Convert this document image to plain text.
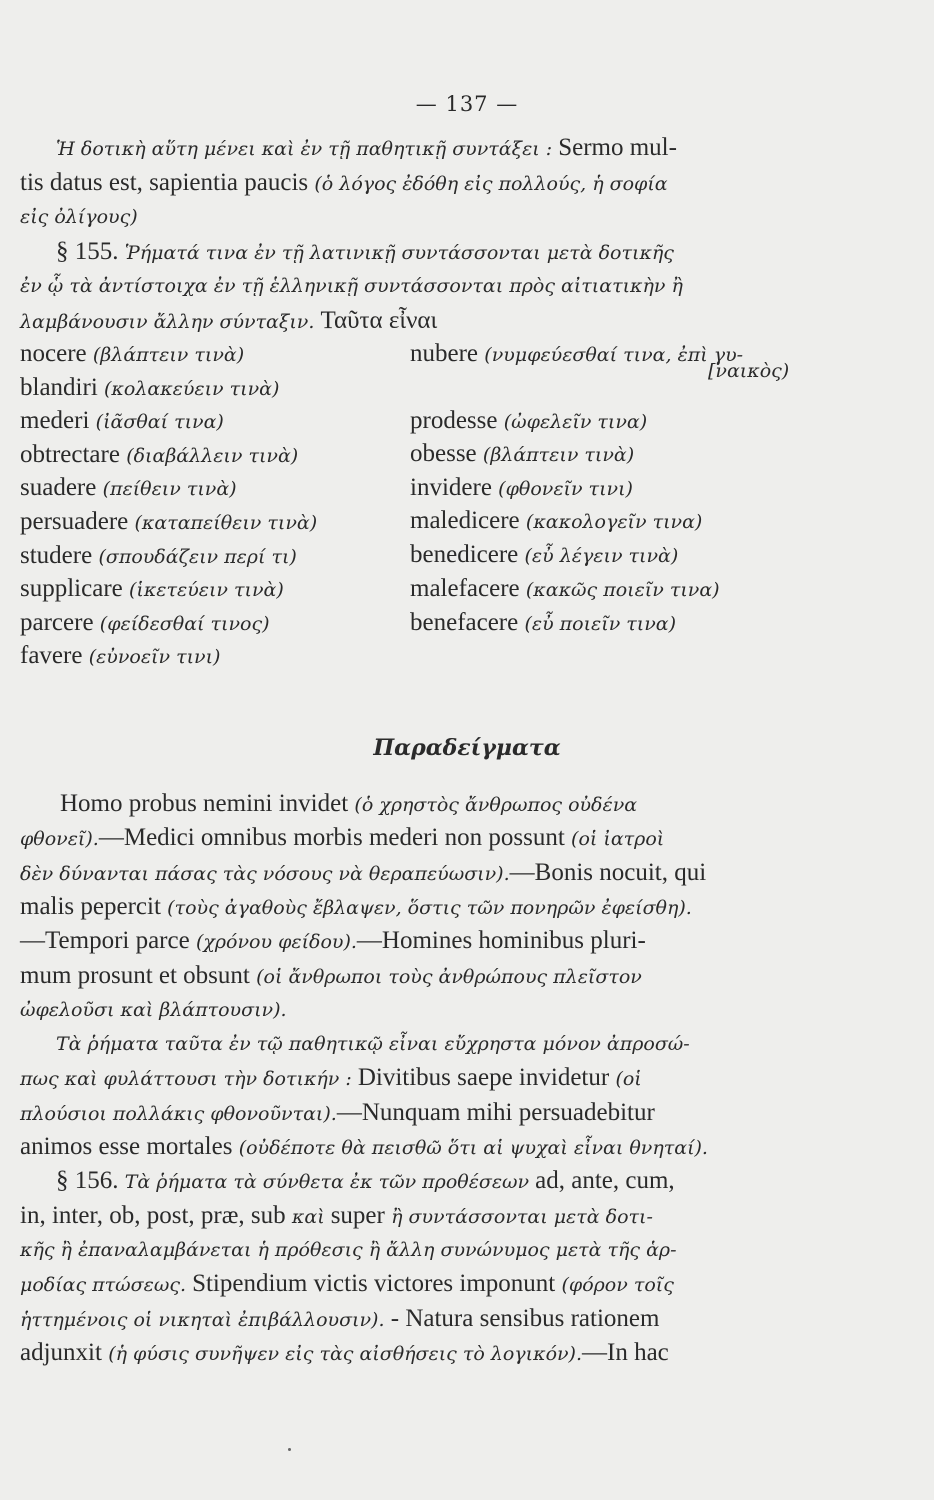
— 137 —
Ἡ δοτικὴ αὕτη μένει καὶ ἐν τῇ παθητικῇ συντάξει : Sermo mul-
tis datus est, sapientia paucis (ὁ λόγος ἐδόθη εἰς πολλούς, ἡ σοφία
εἰς ὀλίγους)
§ 155. Ῥήματά τινα ἐν τῇ λατινικῇ συντάσσονται μετὰ δοτικῆς
ἐν ᾧ τὰ ἀντίστοιχα ἐν τῇ ἑλληνικῇ συντάσσονται πρὸς αἰτιατικὴν ἢ
λαμβάνουσιν ἄλλην σύνταξιν. Ταῦτα εἶναι
nocere (βλάπτειν τινὰ)
blandiri (κολακεύειν τινὰ)
mederi (ἰᾶσθαί τινα)
obtrectare (διαβάλλειν τινὰ)
suadere (πείθειν τινὰ)
persuadere (καταπείθειν τινὰ)
studere (σπουδάζειν περί τι)
supplicare (ἱκετεύειν τινὰ)
parcere (φείδεσθαί τινος)
favere (εὐνοεῖν τινι)
nubere (νυμφεύεσθαί τινα, ἐπὶ γυ-
[ναικὸς)
prodesse (ὠφελεῖν τινα)
obesse (βλάπτειν τινὰ)
invidere (φθονεῖν τινι)
maledicere (κακολογεῖν τινα)
benedicere (εὖ λέγειν τινὰ)
malefacere (κακῶς ποιεῖν τινα)
benefacere (εὖ ποιεῖν τινα)
Παραδείγματα
Homo probus nemini invidet (ὁ χρηστὸς ἄνθρωπος οὐδένα
φθονεῖ).—Medici omnibus morbis mederi non possunt (οἱ ἰατροὶ
δὲν δύνανται πάσας τὰς νόσους νὰ θεραπεύωσιν).—Bonis nocuit, qui
malis pepercit (τοὺς ἀγαθοὺς ἔβλαψεν, ὅστις τῶν πονηρῶν ἐφείσθη).
—Tempori parce (χρόνου φείδου).—Homines hominibus pluri-
mum prosunt et obsunt (οἱ ἄνθρωποι τοὺς ἀνθρώπους πλεῖστον
ὠφελοῦσι καὶ βλάπτουσιν).
Τὰ ῥήματα ταῦτα ἐν τῷ παθητικῷ εἶναι εὔχρηστα μόνον ἀπροσώ-
πως καὶ φυλάττουσι τὴν δοτικήν : Divitibus saepe invidetur (οἱ
πλούσιοι πολλάκις φθονοῦνται).—Nunquam mihi persuadebitur
animos esse mortales (οὐδέποτε θὰ πεισθῶ ὅτι αἱ ψυχαὶ εἶναι θνηταί).
§ 156. Τὰ ῥήματα τὰ σύνθετα ἐκ τῶν προθέσεων ad, ante, cum,
in, inter, ob, post, præ, sub καὶ super ἢ συντάσσονται μετὰ δοτι-
κῆς ἢ ἐπαναλαμβάνεται ἡ πρόθεσις ἢ ἄλλη συνώνυμος μετὰ τῆς ἁρ-
μοδίας πτώσεως. Stipendium victis victores imponunt (φόρον τοῖς
ἡττημένοις οἱ νικηταὶ ἐπιβάλλουσιν). - Natura sensibus rationem
adjunxit (ἡ φύσις συνῆψεν εἰς τὰς αἰσθήσεις τὸ λογικόν).—In hac
